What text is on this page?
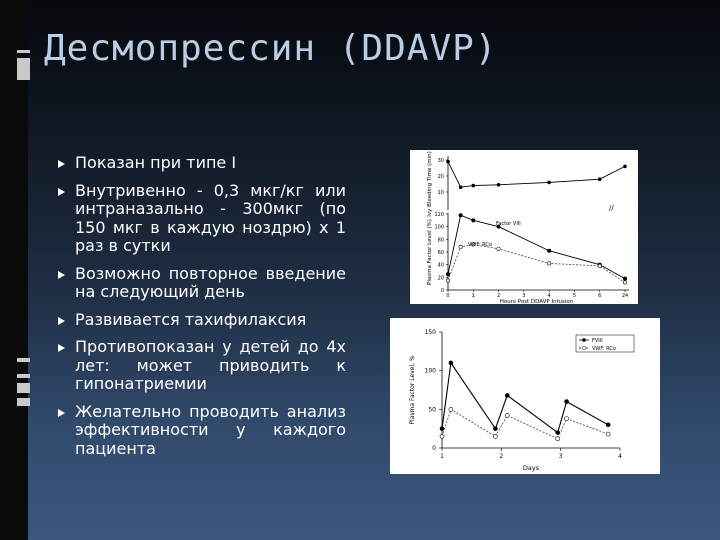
Десмопрессин (DDAVP)
Показан при типе I
Внутривенно - 0,3 мкг/кг или интраназально - 300мкг (по 150 мкг в каждую ноздрю) х 1 раз в сутки
Возможно повторное введение на следующий день
Развивается тахифилаксия
Противопоказан у детей до 4х лет: может приводить к гипонатриемии
Желательно проводить анализ эффективности у каждого пациента
30
20
10
Ivy Bleeding Time (min)	//
0
20
40
60
80
100
120
Plasma Factor Level (%)
0	1	2	3	4	5	6	24
Hours Post DDAVP Infusion
Factor VIII
VWF: RCo
0
50
100
150
1	2	3	4
Days
Plasma Factor Level, %
FVIII
VWF: RCo
